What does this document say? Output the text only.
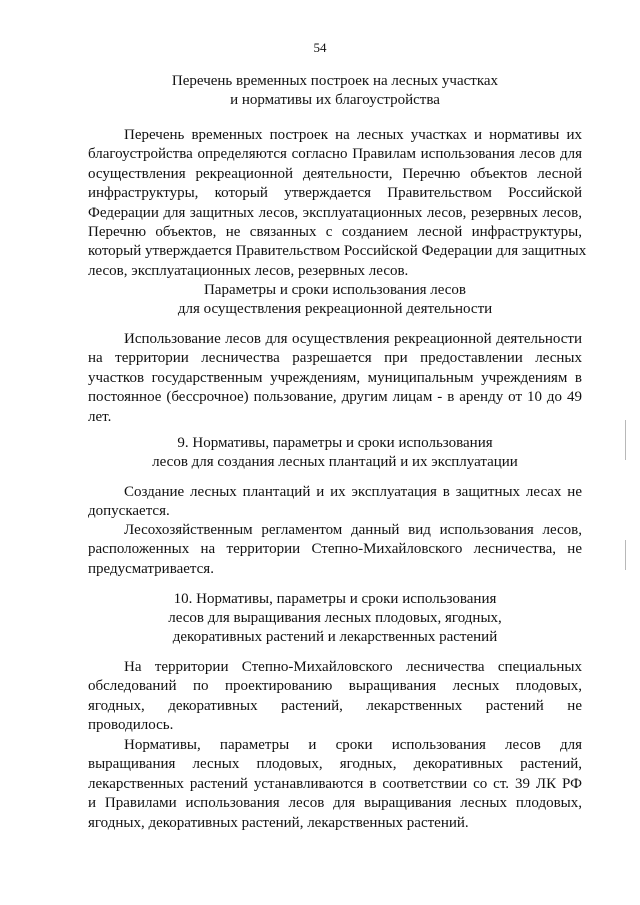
54
Перечень временных построек на лесных участках
и нормативы их благоустройства
Перечень временных построек на лесных участках и нормативы их
благоустройства определяются согласно Правилам использования лесов для
осуществления рекреационной деятельности, Перечню объектов лесной
инфраструктуры, который утверждается Правительством Российской
Федерации для защитных лесов, эксплуатационных лесов, резервных лесов,
Перечню объектов, не связанных с созданием лесной инфраструктуры,
который утверждается Правительством Российской Федерации для защитных
лесов, эксплуатационных лесов, резервных лесов.
Параметры и сроки использования лесов
для осуществления рекреационной деятельности
Использование лесов для осуществления рекреационной деятельности
на территории лесничества разрешается при предоставлении лесных
участков государственным учреждениям, муниципальным учреждениям в
постоянное (бессрочное) пользование, другим лицам - в аренду от 10 до 49
лет.
9. Нормативы, параметры и сроки использования
лесов для создания лесных плантаций и их эксплуатации
Создание лесных плантаций и их эксплуатация в защитных лесах не
допускается.
Лесохозяйственным регламентом данный вид использования лесов,
расположенных на территории Степно-Михайловского лесничества, не
предусматривается.
10. Нормативы, параметры и сроки использования
лесов для выращивания лесных плодовых, ягодных,
декоративных растений и лекарственных растений
На территории Степно-Михайловского лесничества специальных
обследований по проектированию выращивания лесных плодовых,
ягодных, декоративных растений, лекарственных растений не
проводилось.
Нормативы, параметры и сроки использования лесов для
выращивания лесных плодовых, ягодных, декоративных растений,
лекарственных растений устанавливаются в соответствии со ст. 39 ЛК РФ
и Правилами использования лесов для выращивания лесных плодовых,
ягодных, декоративных растений, лекарственных растений.
